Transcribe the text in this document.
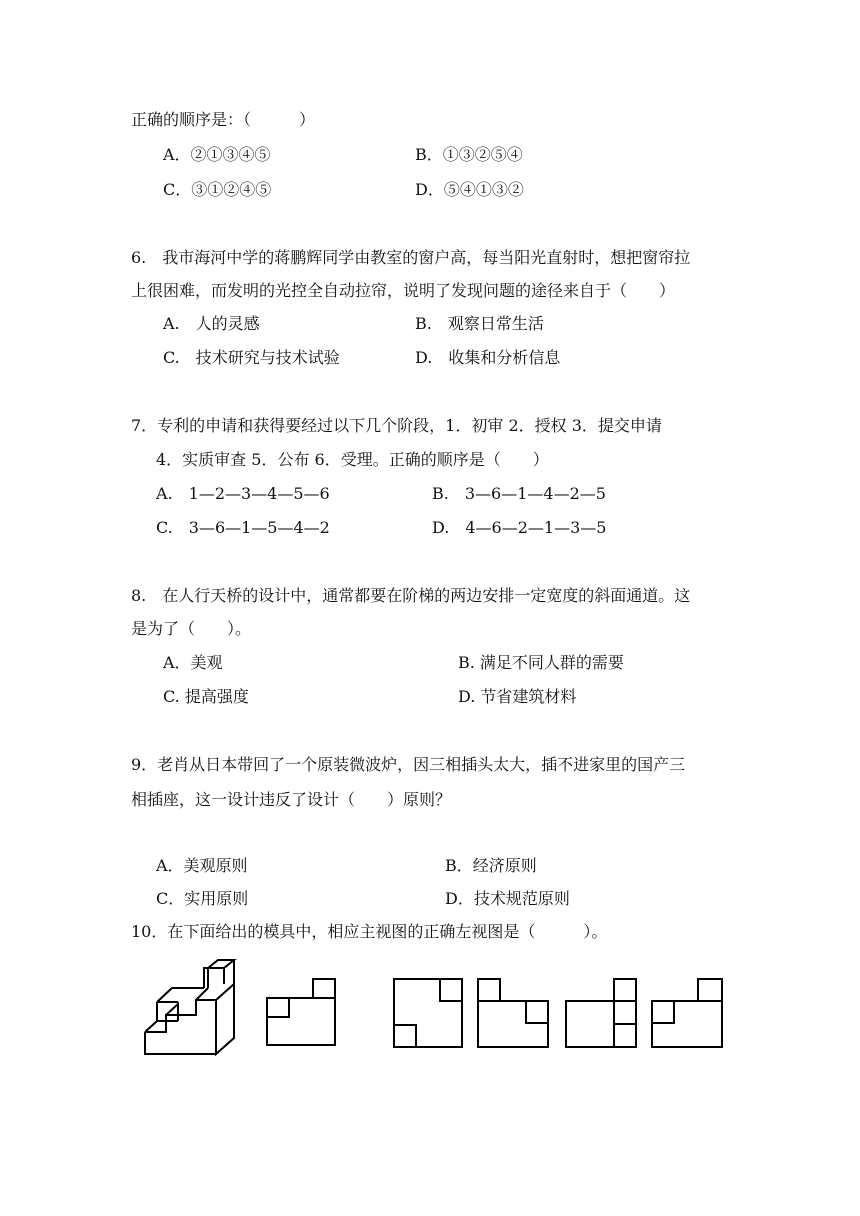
正确的顺序是：（　　　）
A．②①③④⑤	B．①③②⑤④
C．③①②④⑤	D．⑤④①③②
6.　我市海河中学的蒋鹏辉同学由教室的窗户高，每当阳光直射时，想把窗帘拉
上很困难，而发明的光控全自动拉帘，说明了发现问题的途径来自于（　　）
A.　人的灵感	B.　观察日常生活
C.　技术研究与技术试验	D.　收集和分析信息
7．专利的申请和获得要经过以下几个阶段，1．初审 2．授权 3．提交申请
4．实质审查 5．公布 6．受理。正确的顺序是（　　）
A.　1—2—3—4—5—6	B.　3—6—1—4—2—5
C.　3—6—1—5—4—2	D.　4—6—2—1—3—5
8.　在人行天桥的设计中，通常都要在阶梯的两边安排一定宽度的斜面通道。这
是为了（　　）。
A．美观	B. 满足不同人群的需要
C. 提高强度	D. 节省建筑材料
9．老肖从日本带回了一个原装微波炉，因三相插头太大，插不进家里的国产三
相插座，这一设计违反了设计（　　）原则？
A．美观原则	B．经济原则
C．实用原则	D．技术规范原则
10．在下面给出的模具中，相应主视图的正确左视图是（　　　）。
